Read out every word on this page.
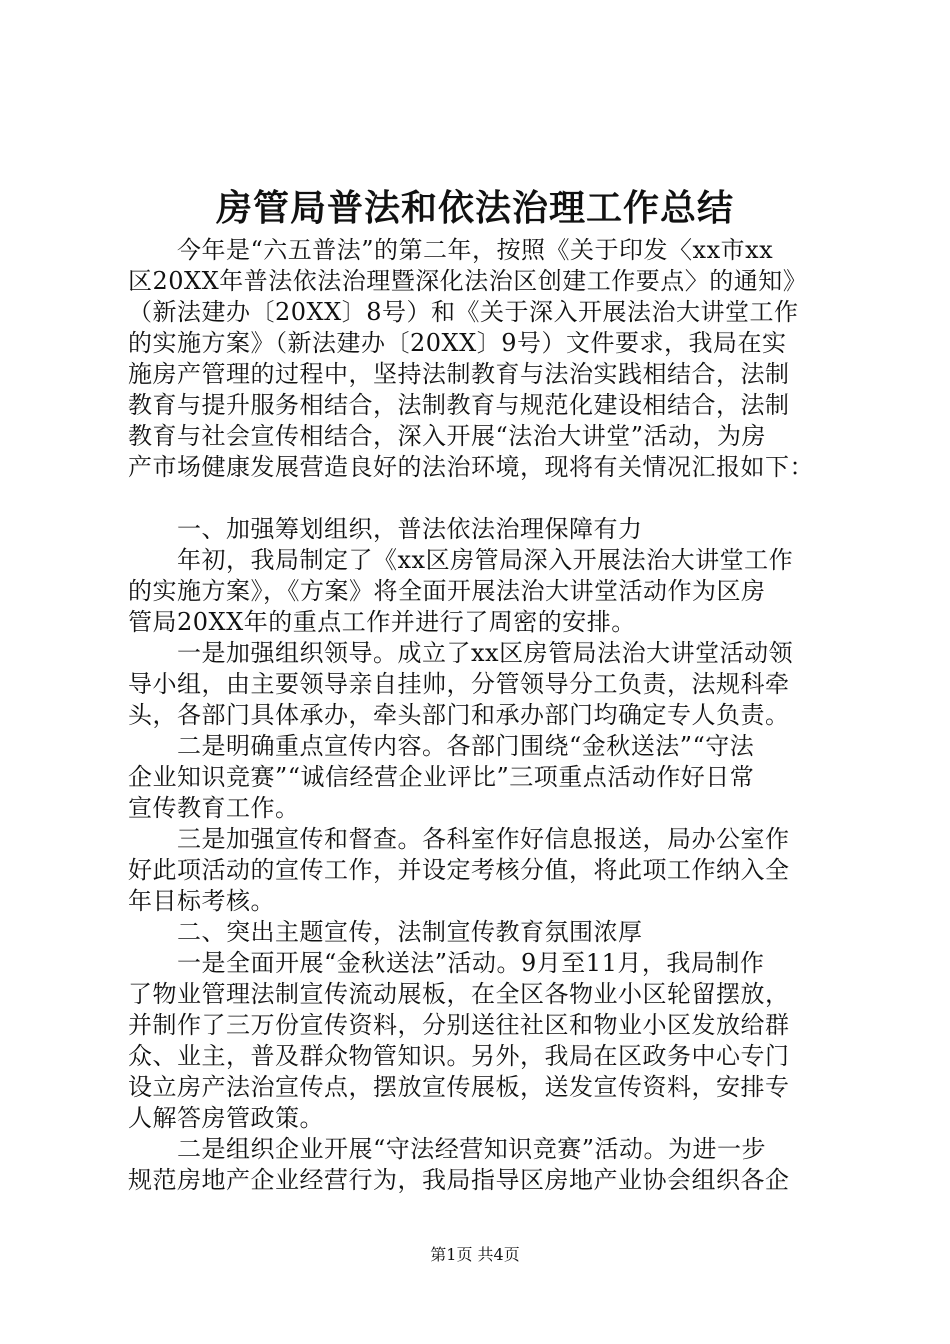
房管局普法和依法治理工作总结
　　今年是“六五普法”的第二年，按照《关于印发〈xx市xx
区20XX年普法依法治理暨深化法治区创建工作要点〉的通知》
（新法建办〔20XX〕8号）和《关于深入开展法治大讲堂工作
的实施方案》（新法建办〔20XX〕9号）文件要求，我局在实
施房产管理的过程中，坚持法制教育与法治实践相结合，法制
教育与提升服务相结合，法制教育与规范化建设相结合，法制
教育与社会宣传相结合，深入开展“法治大讲堂”活动，为房
产市场健康发展营造良好的法治环境，现将有关情况汇报如下：
　　一、加强筹划组织，普法依法治理保障有力
　　年初，我局制定了《xx区房管局深入开展法治大讲堂工作
的实施方案》，《方案》将全面开展法治大讲堂活动作为区房
管局20XX年的重点工作并进行了周密的安排。
　　一是加强组织领导。成立了xx区房管局法治大讲堂活动领
导小组，由主要领导亲自挂帅，分管领导分工负责，法规科牵
头，各部门具体承办，牵头部门和承办部门均确定专人负责。
　　二是明确重点宣传内容。各部门围绕“金秋送法”“守法
企业知识竞赛”“诚信经营企业评比”三项重点活动作好日常
宣传教育工作。
　　三是加强宣传和督查。各科室作好信息报送，局办公室作
好此项活动的宣传工作，并设定考核分值，将此项工作纳入全
年目标考核。
　　二、突出主题宣传，法制宣传教育氛围浓厚
　　一是全面开展“金秋送法”活动。9月至11月，我局制作
了物业管理法制宣传流动展板，在全区各物业小区轮留摆放，
并制作了三万份宣传资料，分别送往社区和物业小区发放给群
众、业主，普及群众物管知识。另外，我局在区政务中心专门
设立房产法治宣传点，摆放宣传展板，送发宣传资料，安排专
人解答房管政策。
　　二是组织企业开展“守法经营知识竞赛”活动。为进一步
规范房地产企业经营行为，我局指导区房地产业协会组织各企
第1页 共4页
